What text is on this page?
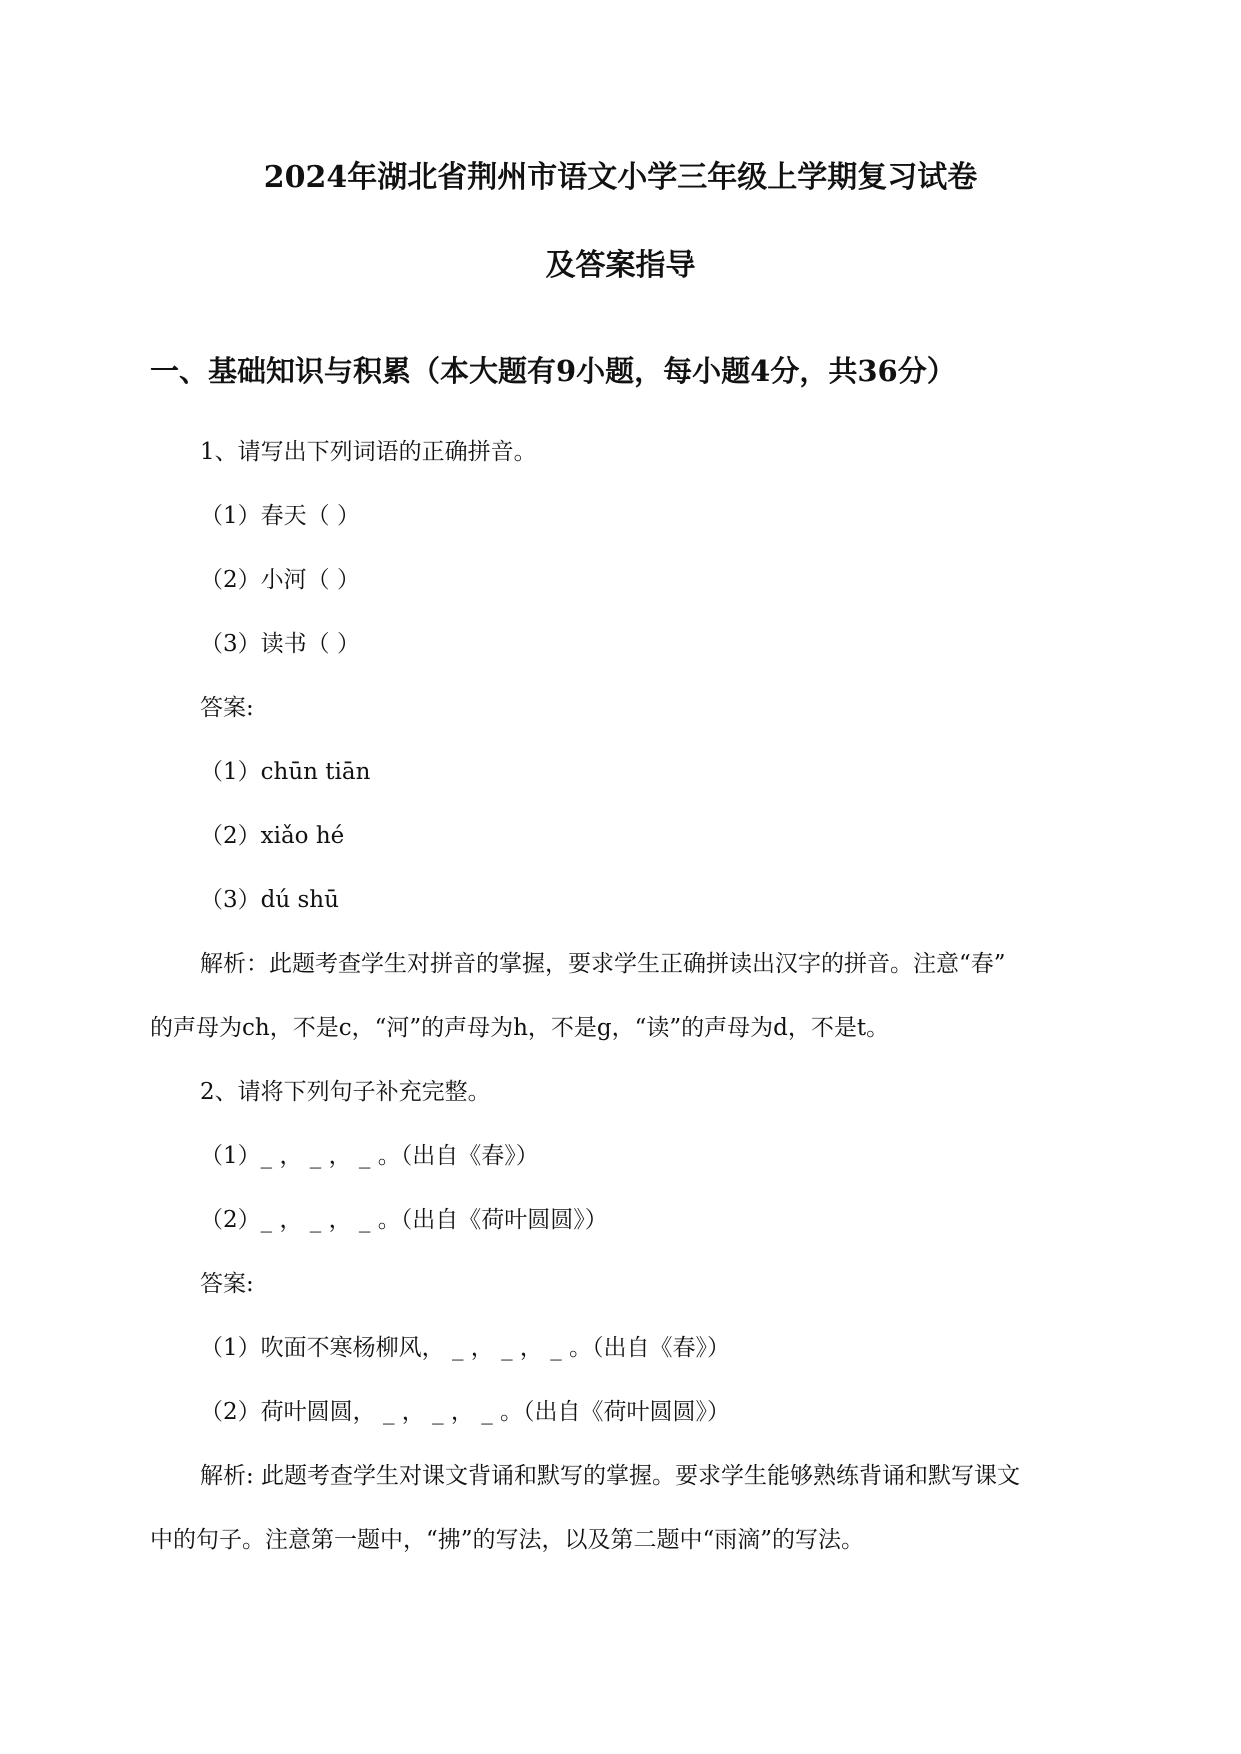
2024年湖北省荆州市语文小学三年级上学期复习试卷
及答案指导
一、基础知识与积累（本大题有9小题，每小题4分，共36分）
1、请写出下列词语的正确拼音。
（1）春天（ ）
（2）小河（ ）
（3）读书（ ）
答案:
（1）chūn tiān
（2）xiǎo hé
（3）dú shū
解析：此题考查学生对拼音的掌握，要求学生正确拼读出汉字的拼音。注意“春”
的声母为ch，不是c，“河”的声母为h，不是g，“读”的声母为d，不是t。
2、请将下列句子补充完整。
（1）_ ， _ ， _ 。（出自《春》）
（2）_ ， _ ， _ 。（出自《荷叶圆圆》）
答案:
（1）吹面不寒杨柳风， _ ， _ ， _ 。（出自《春》）
（2）荷叶圆圆， _ ， _ ， _ 。（出自《荷叶圆圆》）
解析: 此题考查学生对课文背诵和默写的掌握。要求学生能够熟练背诵和默写课文
中的句子。注意第一题中，“拂”的写法，以及第二题中“雨滴”的写法。
